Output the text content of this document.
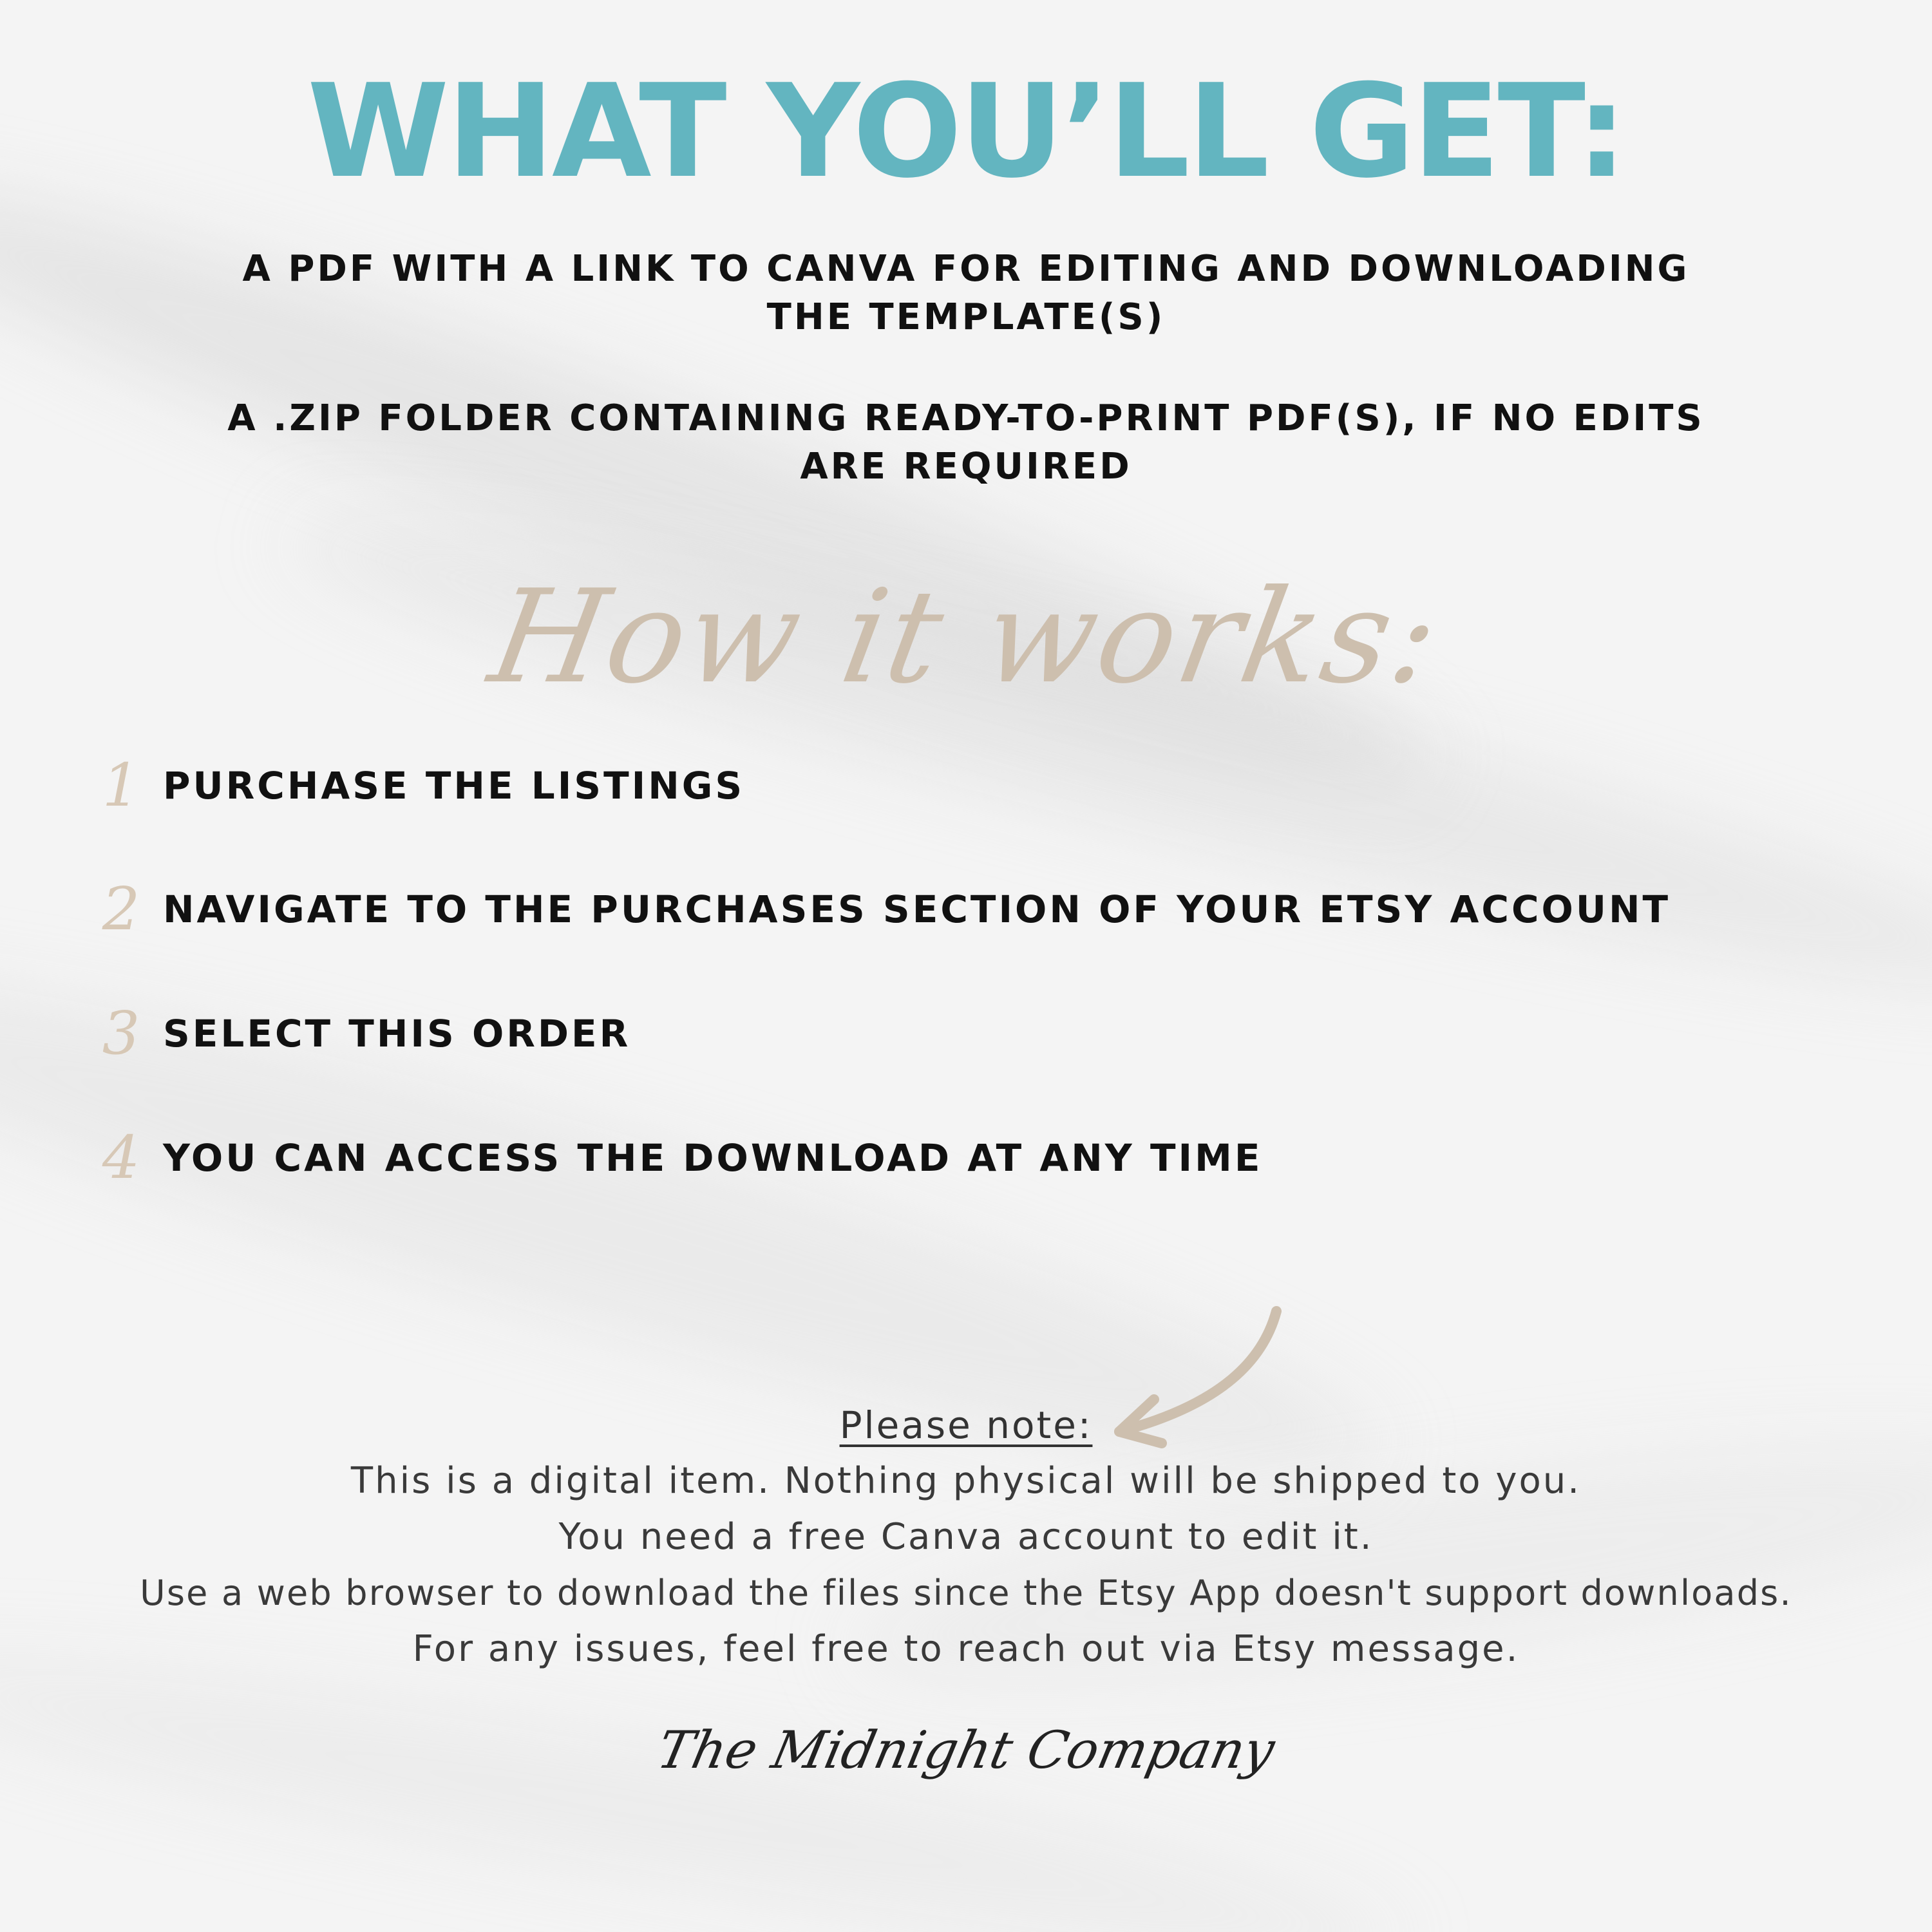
WHAT YOU’LL GET:
A PDF WITH A LINK TO CANVA FOR EDITING AND DOWNLOADING THE TEMPLATE(S)
A .ZIP FOLDER CONTAINING READY-TO-PRINT PDF(S), IF NO EDITS ARE REQUIRED
How it works:
1 PURCHASE THE LISTINGS
2 NAVIGATE TO THE PURCHASES SECTION OF YOUR ETSY ACCOUNT
3 SELECT THIS ORDER
4 YOU CAN ACCESS THE DOWNLOAD AT ANY TIME
Please note:
This is a digital item. Nothing physical will be shipped to you.
You need a free Canva account to edit it.
Use a web browser to download the files since the Etsy App doesn't support downloads.
For any issues, feel free to reach out via Etsy message.
The Midnight Company
